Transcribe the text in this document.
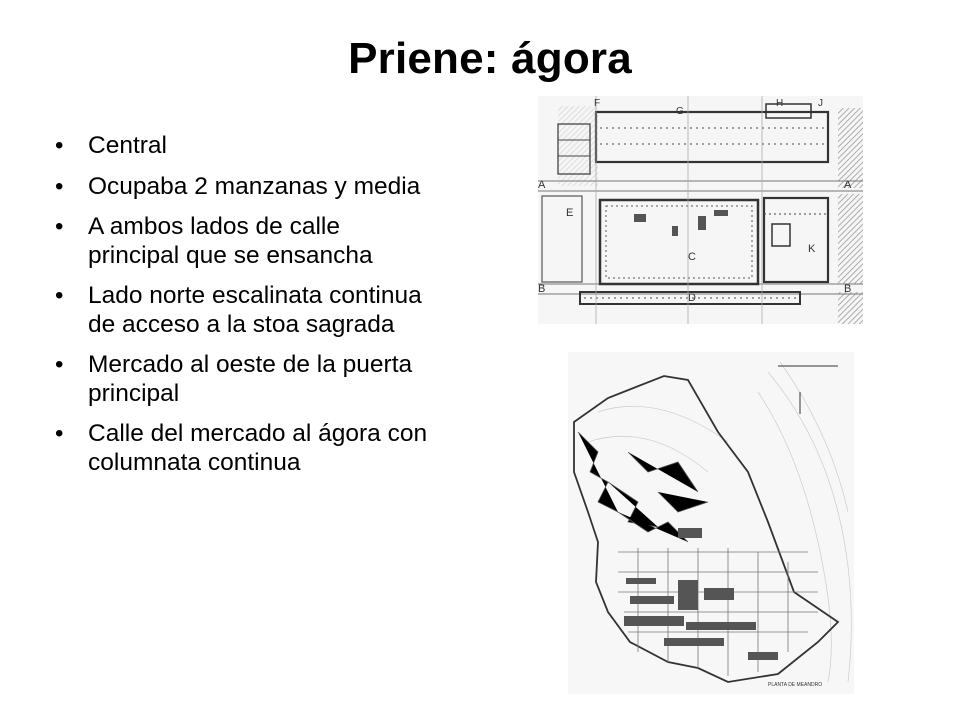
Priene: ágora
• Central
• Ocupaba 2 manzanas y media
• A ambos lados de calle principal que se ensancha
• Lado norte escalinata continua de acceso a la stoa sagrada
• Mercado al oeste de la puerta principal
• Calle del mercado al ágora con columnata continua
A	A
B	B
C
D
E
F
G
H	J
K
PLANTA DE MEANDRO
